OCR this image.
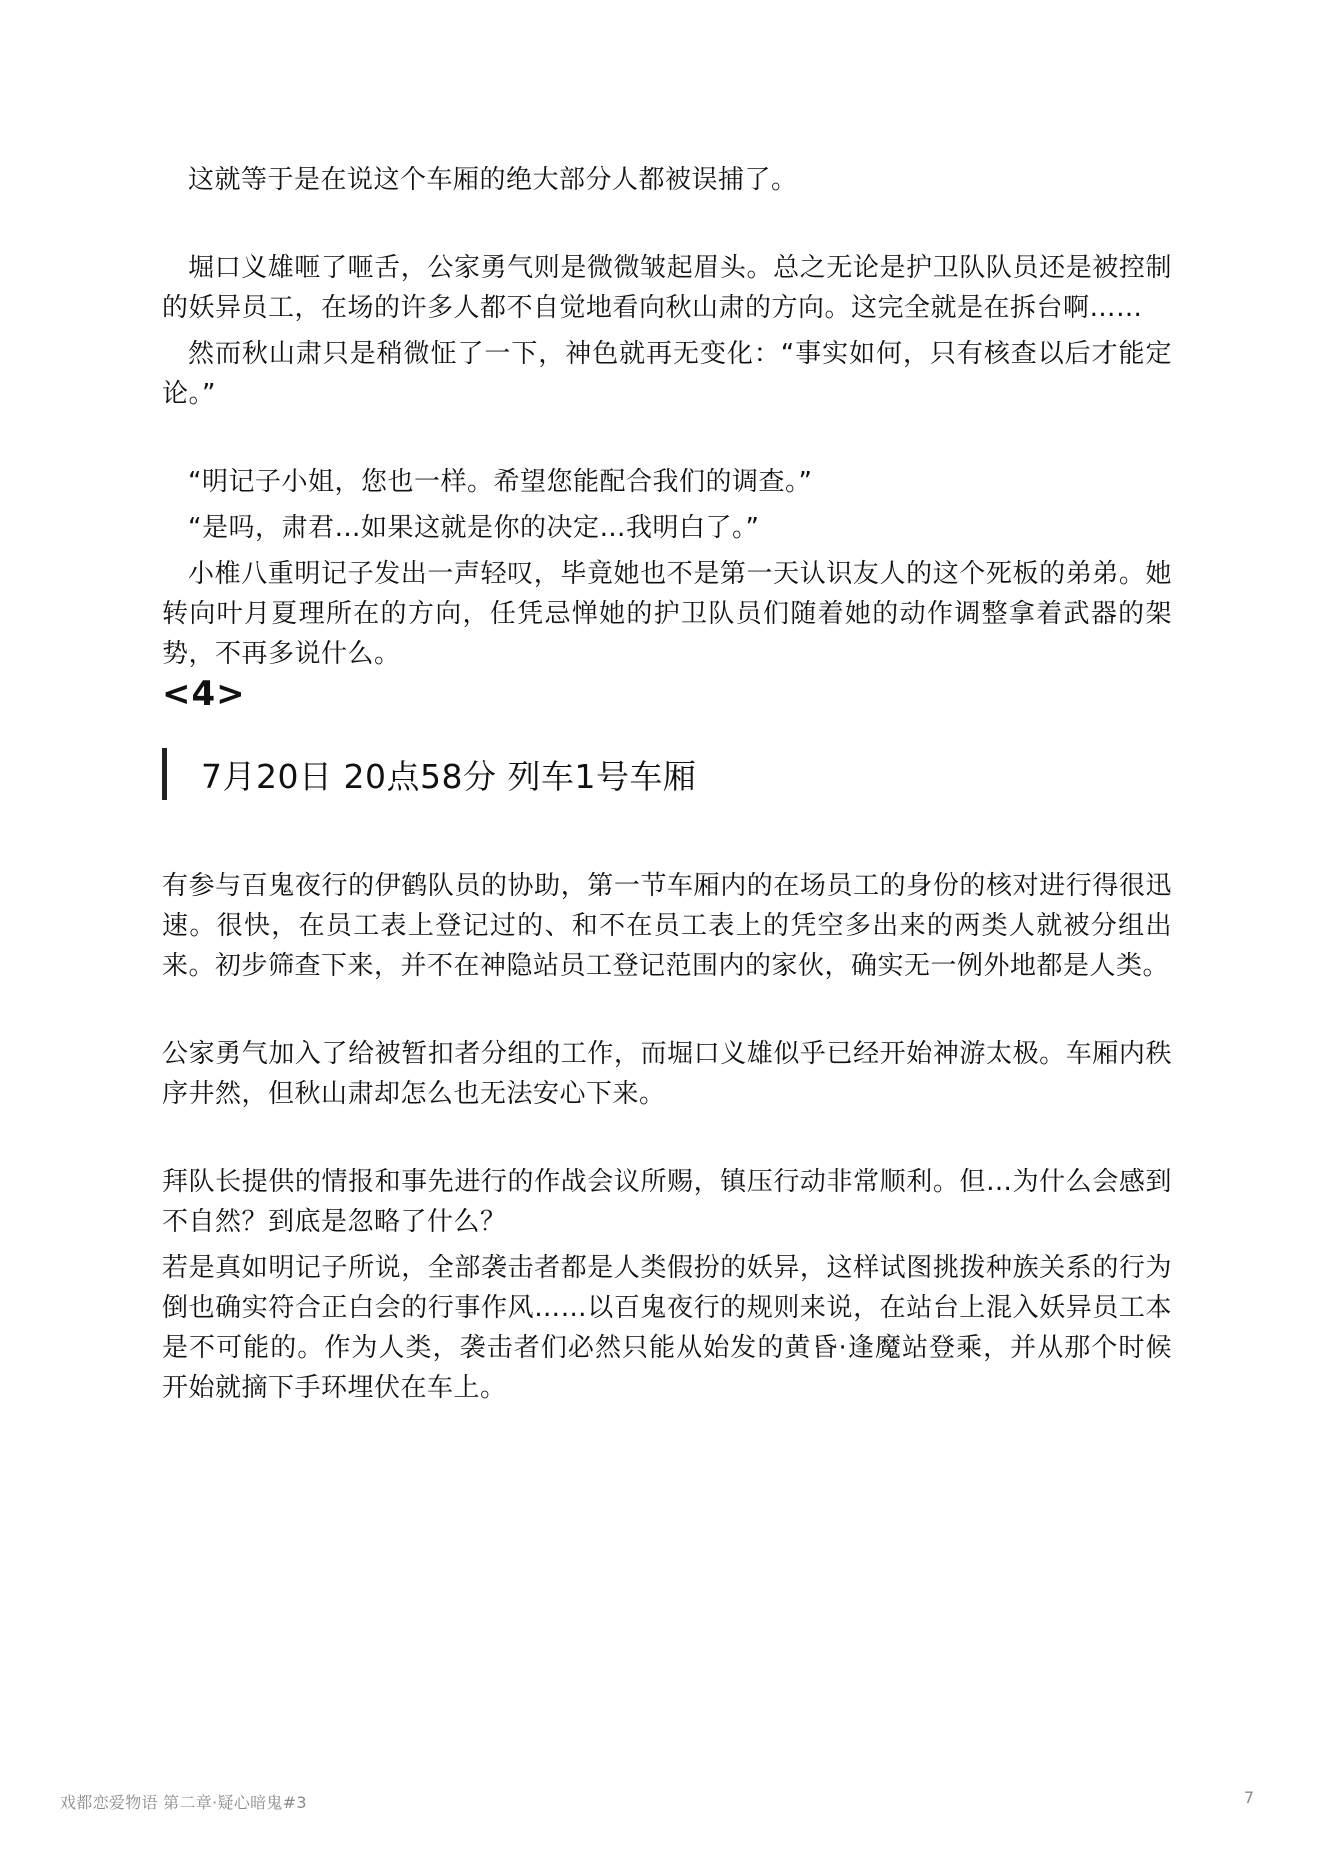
这就等于是在说这个车厢的绝大部分人都被误捕了。

堀口义雄咂了咂舌，公家勇气则是微微皱起眉头。总之无论是护卫队队员还是被控制的妖异员工，在场的许多人都不自觉地看向秋山肃的方向。这完全就是在拆台啊……

然而秋山肃只是稍微怔了一下，神色就再无变化：“事实如何，只有核查以后才能定论。”

“明记子小姐，您也一样。希望您能配合我们的调查。”

“是吗，肃君…如果这就是你的决定…我明白了。”

小椎八重明记子发出一声轻叹，毕竟她也不是第一天认识友人的这个死板的弟弟。她转向叶月夏理所在的方向，任凭忌惮她的护卫队员们随着她的动作调整拿着武器的架势，不再多说什么。

<4>

7月20日 20点58分 列车1号车厢

有参与百鬼夜行的伊鹤队员的协助，第一节车厢内的在场员工的身份的核对进行得很迅速。很快，在员工表上登记过的、和不在员工表上的凭空多出来的两类人就被分组出来。初步筛查下来，并不在神隐站员工登记范围内的家伙，确实无一例外地都是人类。

公家勇气加入了给被暂扣者分组的工作，而堀口义雄似乎已经开始神游太极。车厢内秩序井然，但秋山肃却怎么也无法安心下来。

拜队长提供的情报和事先进行的作战会议所赐，镇压行动非常顺利。但…为什么会感到不自然？到底是忽略了什么？

若是真如明记子所说，全部袭击者都是人类假扮的妖异，这样试图挑拨种族关系的行为倒也确实符合正白会的行事作风……以百鬼夜行的规则来说，在站台上混入妖异员工本是不可能的。作为人类，袭击者们必然只能从始发的黄昏·逢魔站登乘，并从那个时候开始就摘下手环埋伏在车上。

戏都恋爱物语 第二章·疑心暗鬼#3	7
